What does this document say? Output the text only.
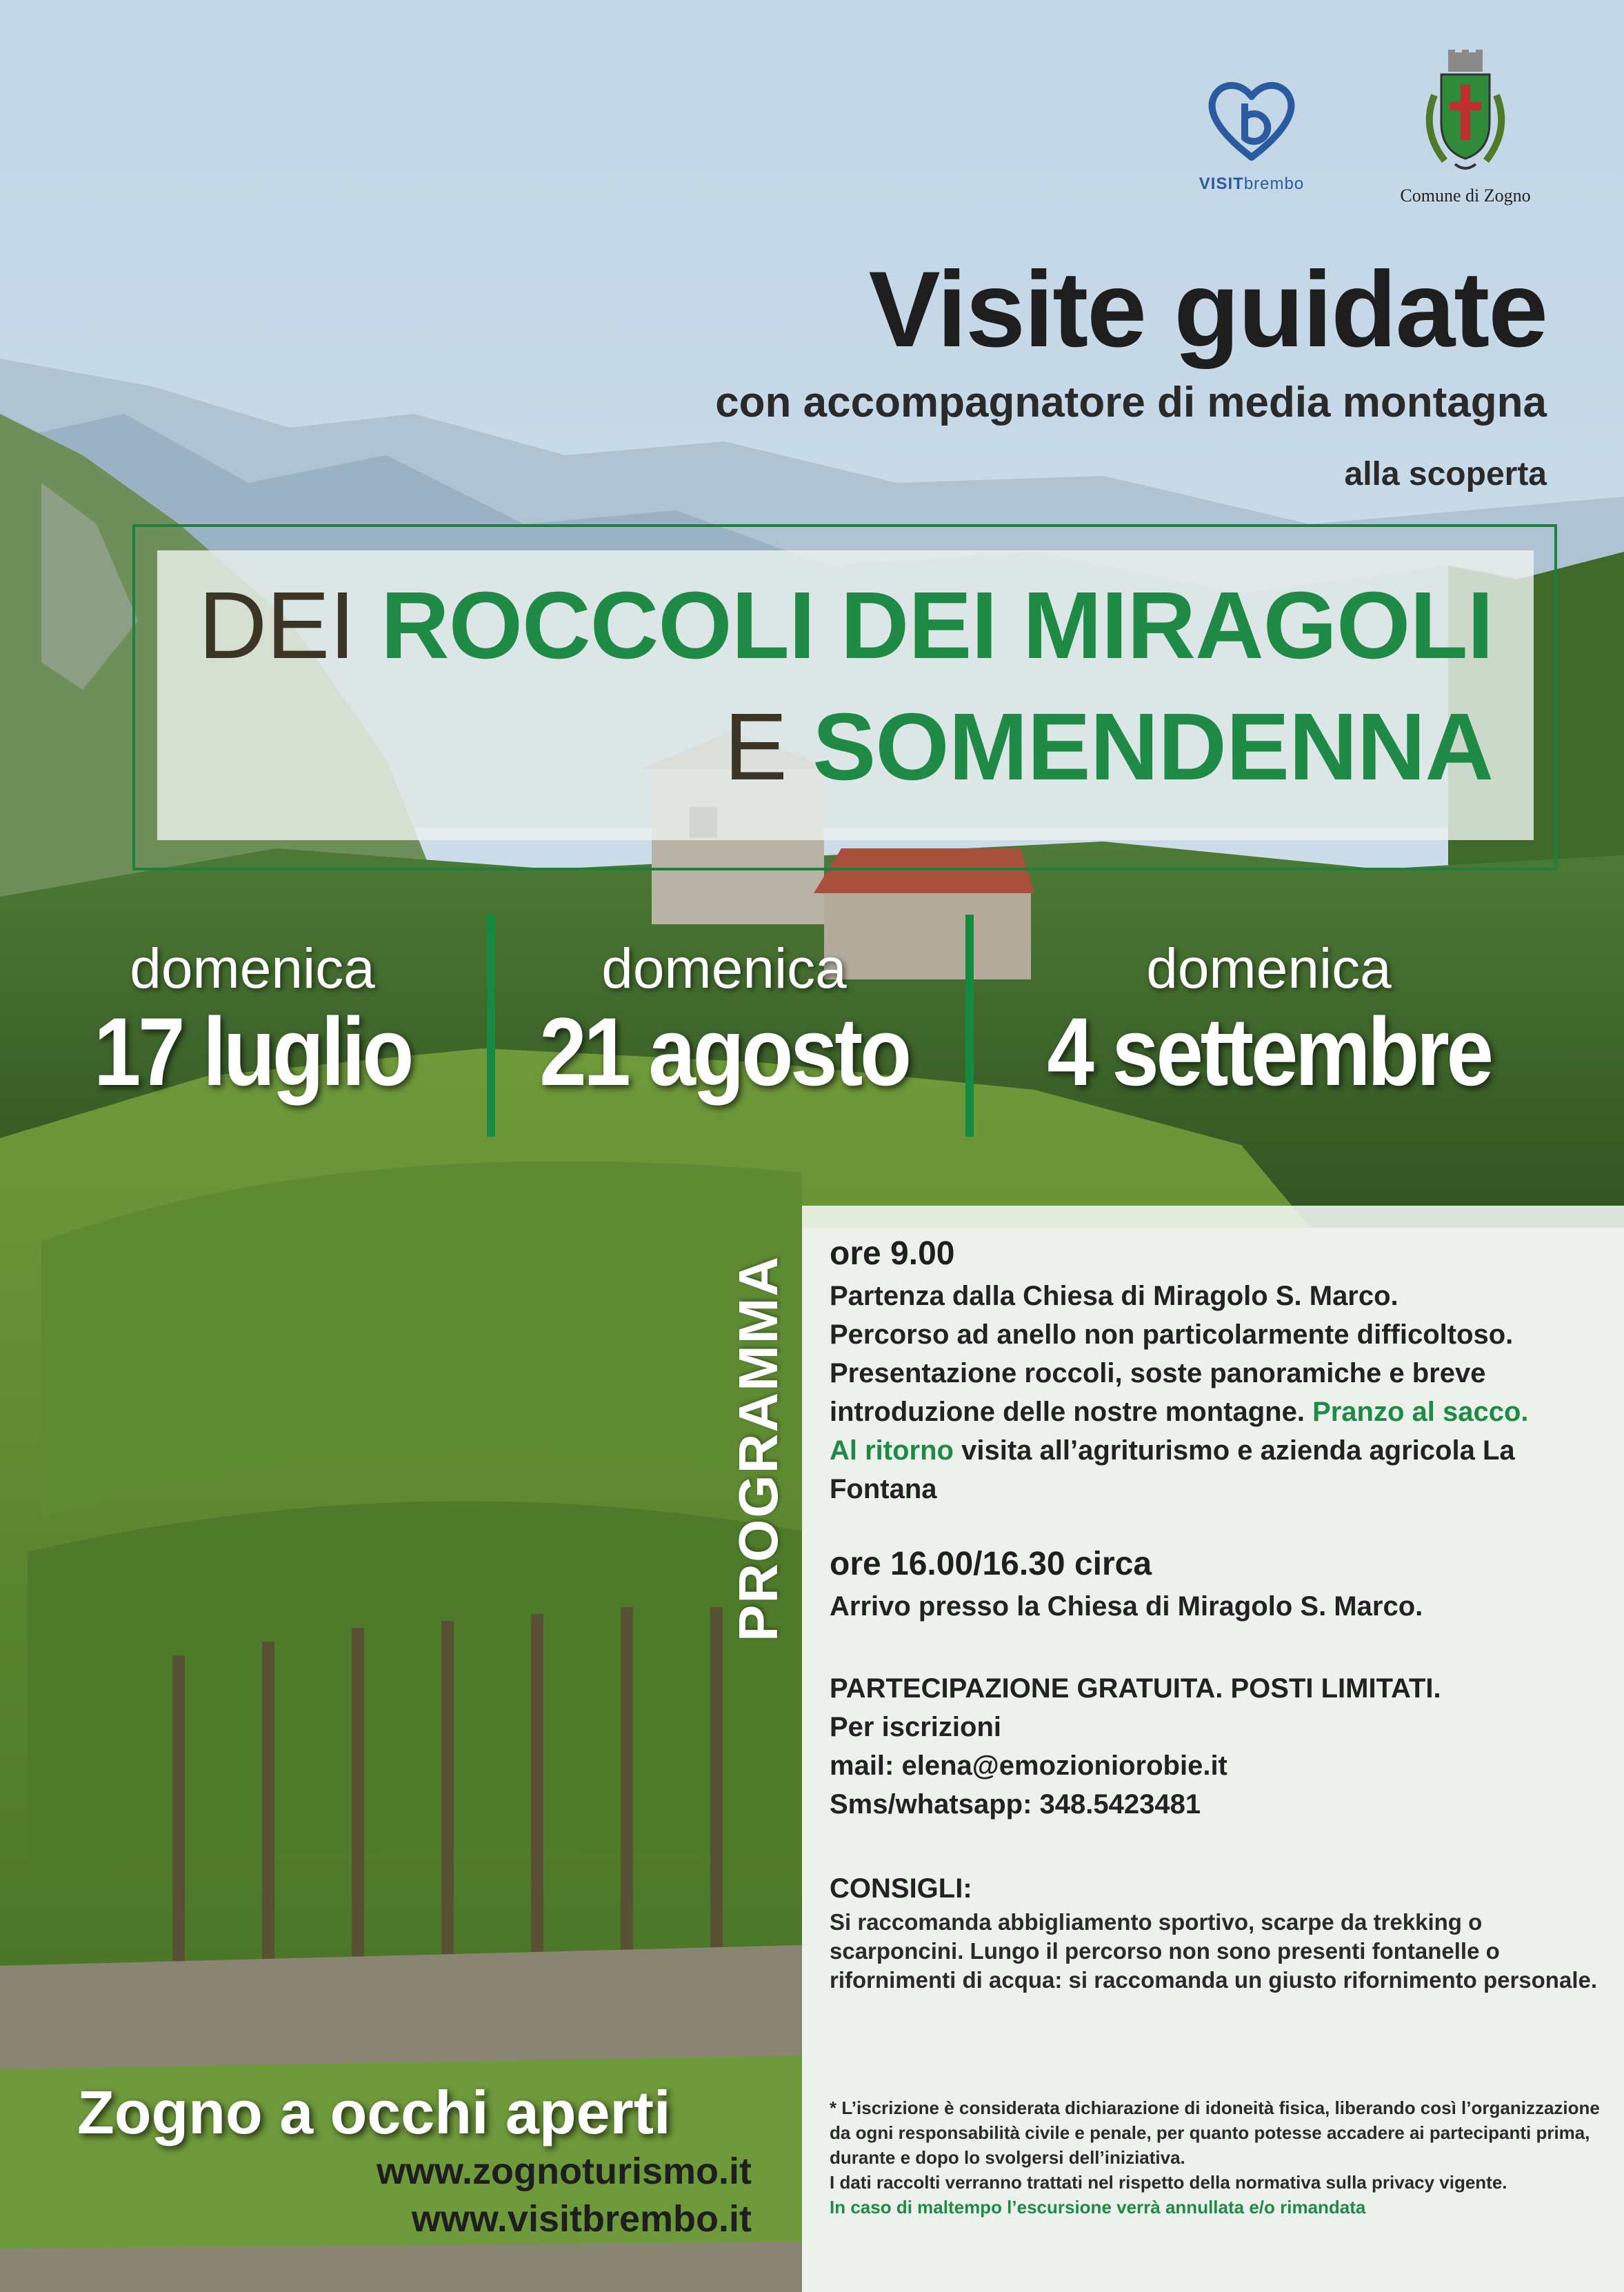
VISITbrembo
Comune di Zogno
Visite guidate
con accompagnatore di media montagna
alla scoperta
DEI ROCCOLI DEI MIRAGOLI
E SOMENDENNA
domenica
17 luglio
domenica
21 agosto
domenica
4 settembre
PROGRAMMA
ore 9.00
Partenza dalla Chiesa di Miragolo S. Marco.
Percorso ad anello non particolarmente difficoltoso. Presentazione roccoli, soste panoramiche e breve introduzione delle nostre montagne. Pranzo al sacco.
Al ritorno visita all’agriturismo e azienda agricola La Fontana
ore 16.00/16.30 circa
Arrivo presso la Chiesa di Miragolo S. Marco.
PARTECIPAZIONE GRATUITA. POSTI LIMITATI.
Per iscrizioni
mail: elena@emozioniorobie.it
Sms/whatsapp: 348.5423481
CONSIGLI:
Si raccomanda abbigliamento sportivo, scarpe da trekking o scarponcini. Lungo il percorso non sono presenti fontanelle o rifornimenti di acqua: si raccomanda un giusto rifornimento personale.
* L’iscrizione è considerata dichiarazione di idoneità fisica, liberando così l’organizzazione da ogni responsabilità civile e penale, per quanto potesse accadere ai partecipanti prima, durante e dopo lo svolgersi dell’iniziativa.
I dati raccolti verranno trattati nel rispetto della normativa sulla privacy vigente.
In caso di maltempo l’escursione verrà annullata e/o rimandata
Zogno a occhi aperti
www.zognoturismo.it
www.visitbrembo.it
